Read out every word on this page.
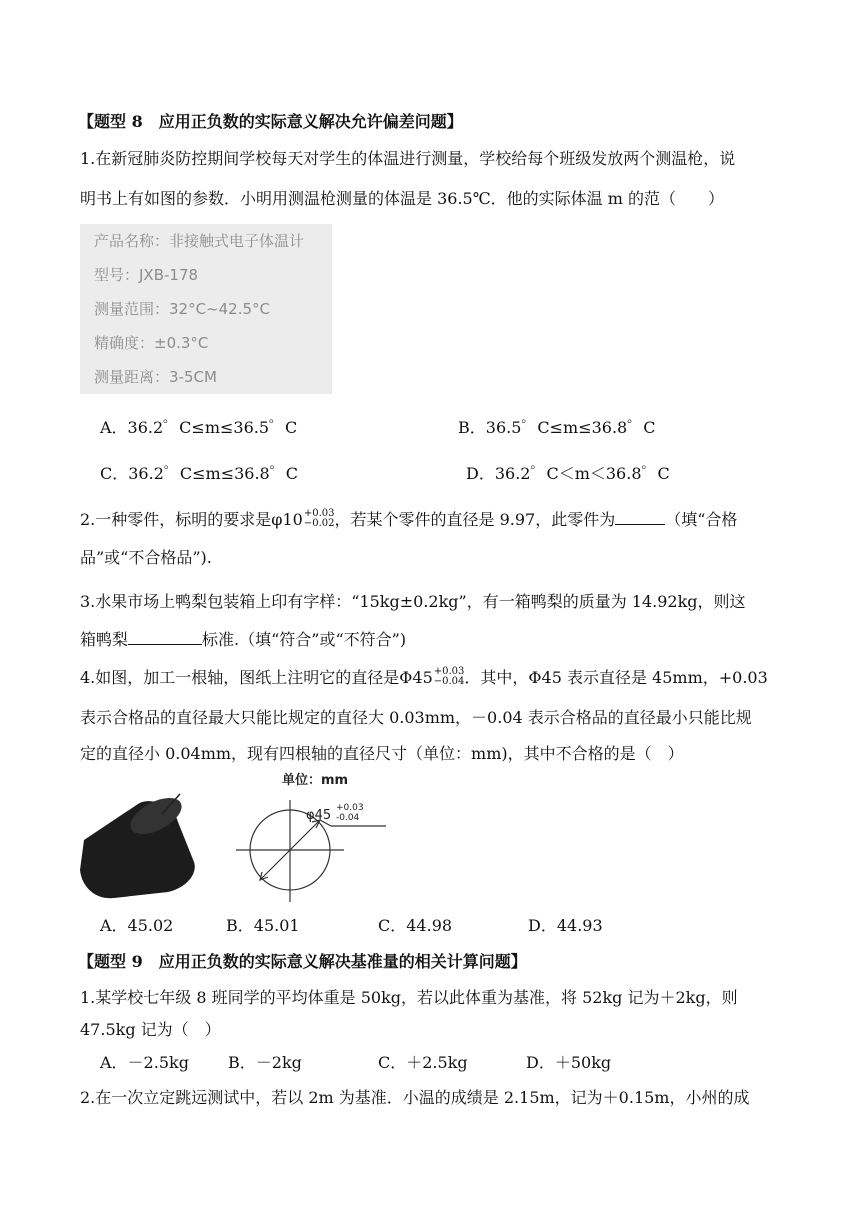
【题型 8　应用正负数的实际意义解决允许偏差问题】
1.在新冠肺炎防控期间学校每天对学生的体温进行测量，学校给每个班级发放两个测温枪，说
明书上有如图的参数．小明用测温枪测量的体温是 36.5℃．他的实际体温 m 的范（　　）
产品名称：非接触式电子体温计
型号：JXB-178
测量范围：32°C~42.5°C
精确度：±0.3°C
测量距离：3-5CM
A．36.2゜C≤m≤36.5゜C	B．36.5゜C≤m≤36.8゜C
C．36.2゜C≤m≤36.8゜C	D．36.2゜C＜m＜36.8゜C
2.一种零件，标明的要求是φ10 $^{+0.03 -0.02}$ ，若某个零件的直径是 9.97，此零件为	（填“合格
品”或“不合格品”).
3.水果市场上鸭梨包装箱上印有字样：“15kg±0.2kg”，有一箱鸭梨的质量为 14.92kg，则这
箱鸭梨	标准.（填“符合”或“不符合”)
4.如图，加工一根轴，图纸上注明它的直径是Φ45 $^{+0.03 -0.04}$ ．其中，Φ45 表示直径是 45mm，+0.03
表示合格品的直径最大只能比规定的直径大 0.03mm，－0.04 表示合格品的直径最小只能比规
定的直径小 0.04mm，现有四根轴的直径尺寸（单位：mm)，其中不合格的是（　）
单位：mm
φ45 +0.03
-0.04
A．45.02	B．45.01	C．44.98	D．44.93
【题型 9　应用正负数的实际意义解决基准量的相关计算问题】
1.某学校七年级 8 班同学的平均体重是 50kg，若以此体重为基准，将 52kg 记为＋2kg，则
47.5kg 记为（　）
A．－2.5kg B．－2kg	C．＋2.5kg	D．＋50kg
2.在一次立定跳远测试中，若以 2m 为基准．小温的成绩是 2.15m，记为＋0.15m，小州的成
